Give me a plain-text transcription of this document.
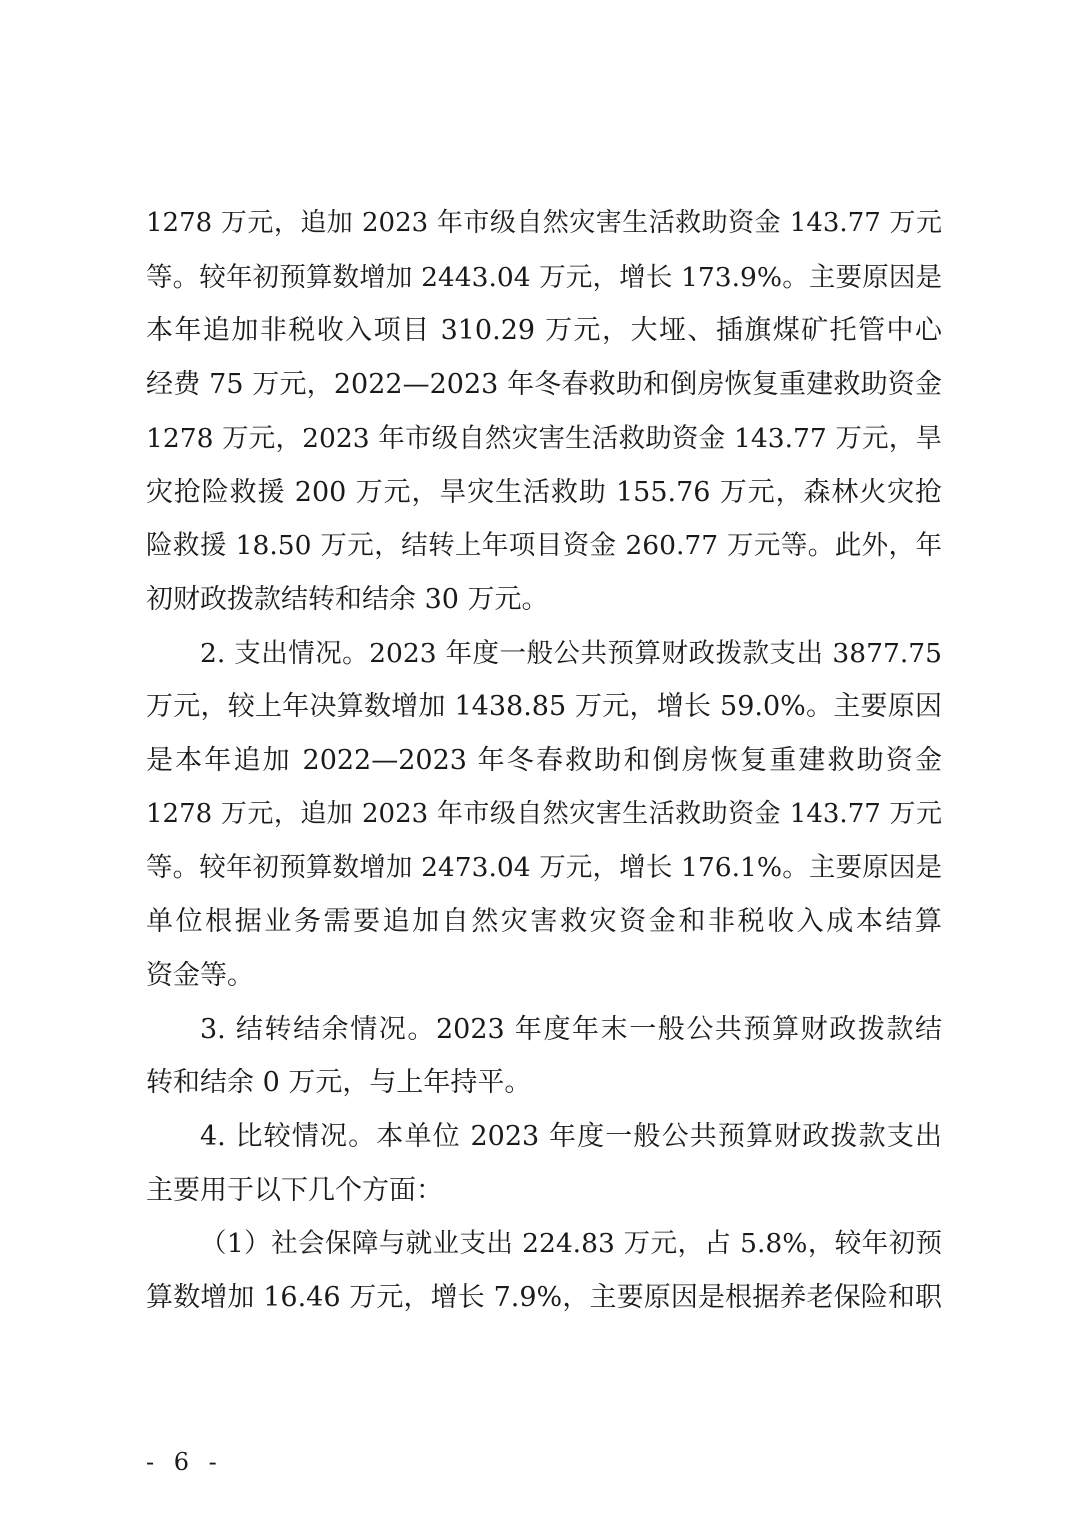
1278 万元，追加 2023 年市级自然灾害生活救助资金 143.77 万元
等。较年初预算数增加 2443.04 万元，增长 173.9%。主要原因是
本年追加非税收入项目 310.29 万元，大垭、插旗煤矿托管中心
经费 75 万元，2022—2023 年冬春救助和倒房恢复重建救助资金
1278 万元，2023 年市级自然灾害生活救助资金 143.77 万元，旱
灾抢险救援 200 万元，旱灾生活救助 155.76 万元，森林火灾抢
险救援 18.50 万元，结转上年项目资金 260.77 万元等。此外，年
初财政拨款结转和结余 30 万元。
2. 支出情况。2023 年度一般公共预算财政拨款支出 3877.75
万元，较上年决算数增加 1438.85 万元，增长 59.0%。主要原因
是本年追加 2022—2023 年冬春救助和倒房恢复重建救助资金
1278 万元，追加 2023 年市级自然灾害生活救助资金 143.77 万元
等。较年初预算数增加 2473.04 万元，增长 176.1%。主要原因是
单位根据业务需要追加自然灾害救灾资金和非税收入成本结算
资金等。
3. 结转结余情况。2023 年度年末一般公共预算财政拨款结
转和结余 0 万元，与上年持平。
4. 比较情况。本单位 2023 年度一般公共预算财政拨款支出
主要用于以下几个方面：
（1）社会保障与就业支出 224.83 万元，占 5.8%，较年初预
算数增加 16.46 万元，增长 7.9%，主要原因是根据养老保险和职
- 6 -
